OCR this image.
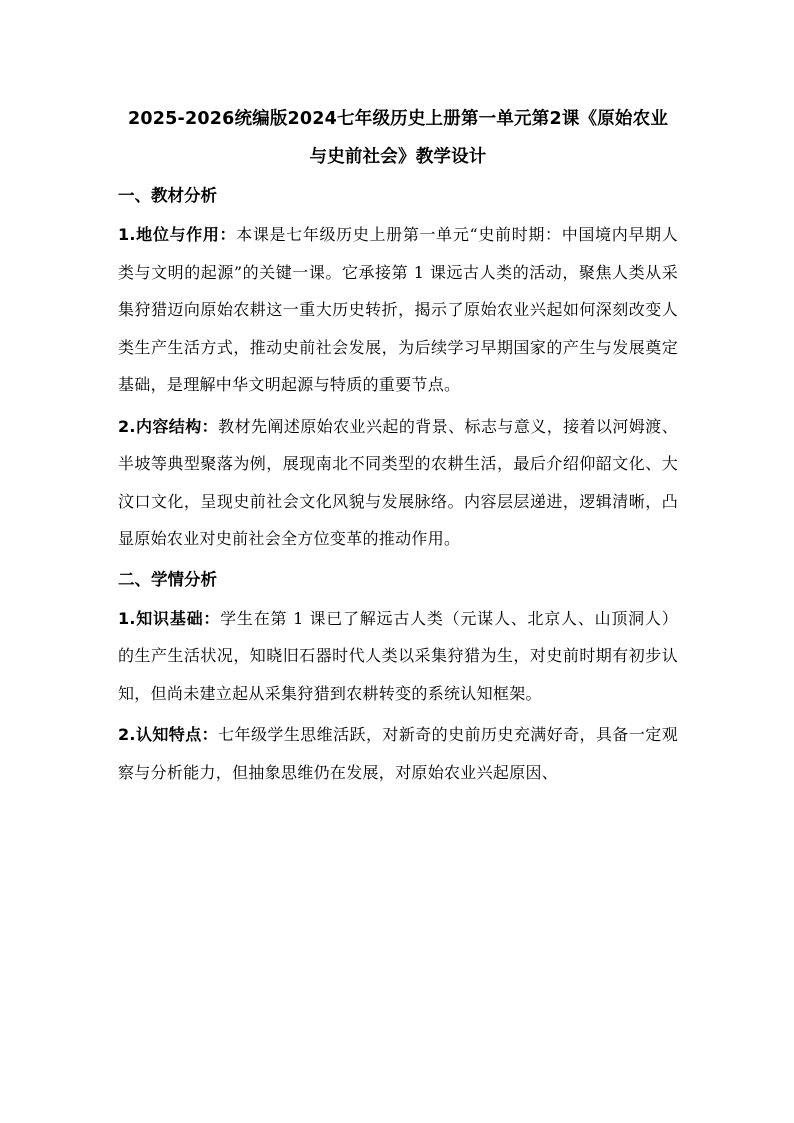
2025-2026统编版2024七年级历史上册第一单元第2课《原始农业
与史前社会》教学设计
一、教材分析

1.地位与作用：本课是七年级历史上册第一单元“史前时期：中国境内早期人类与文明的起源”的关键一课。它承接第 1 课远古人类的活动，聚焦人类从采集狩猎迈向原始农耕这一重大历史转折，揭示了原始农业兴起如何深刻改变人类生产生活方式，推动史前社会发展，为后续学习早期国家的产生与发展奠定基础，是理解中华文明起源与特质的重要节点。

2.内容结构：教材先阐述原始农业兴起的背景、标志与意义，接着以河姆渡、半坡等典型聚落为例，展现南北不同类型的农耕生活，最后介绍仰韶文化、大汶口文化，呈现史前社会文化风貌与发展脉络。内容层层递进，逻辑清晰，凸显原始农业对史前社会全方位变革的推动作用。

二、学情分析

1.知识基础：学生在第 1 课已了解远古人类（元谋人、北京人、山顶洞人）的生产生活状况，知晓旧石器时代人类以采集狩猎为生，对史前时期有初步认知，但尚未建立起从采集狩猎到农耕转变的系统认知框架。

2.认知特点：七年级学生思维活跃，对新奇的史前历史充满好奇，具备一定观察与分析能力，但抽象思维仍在发展，对原始农业兴起原因、
